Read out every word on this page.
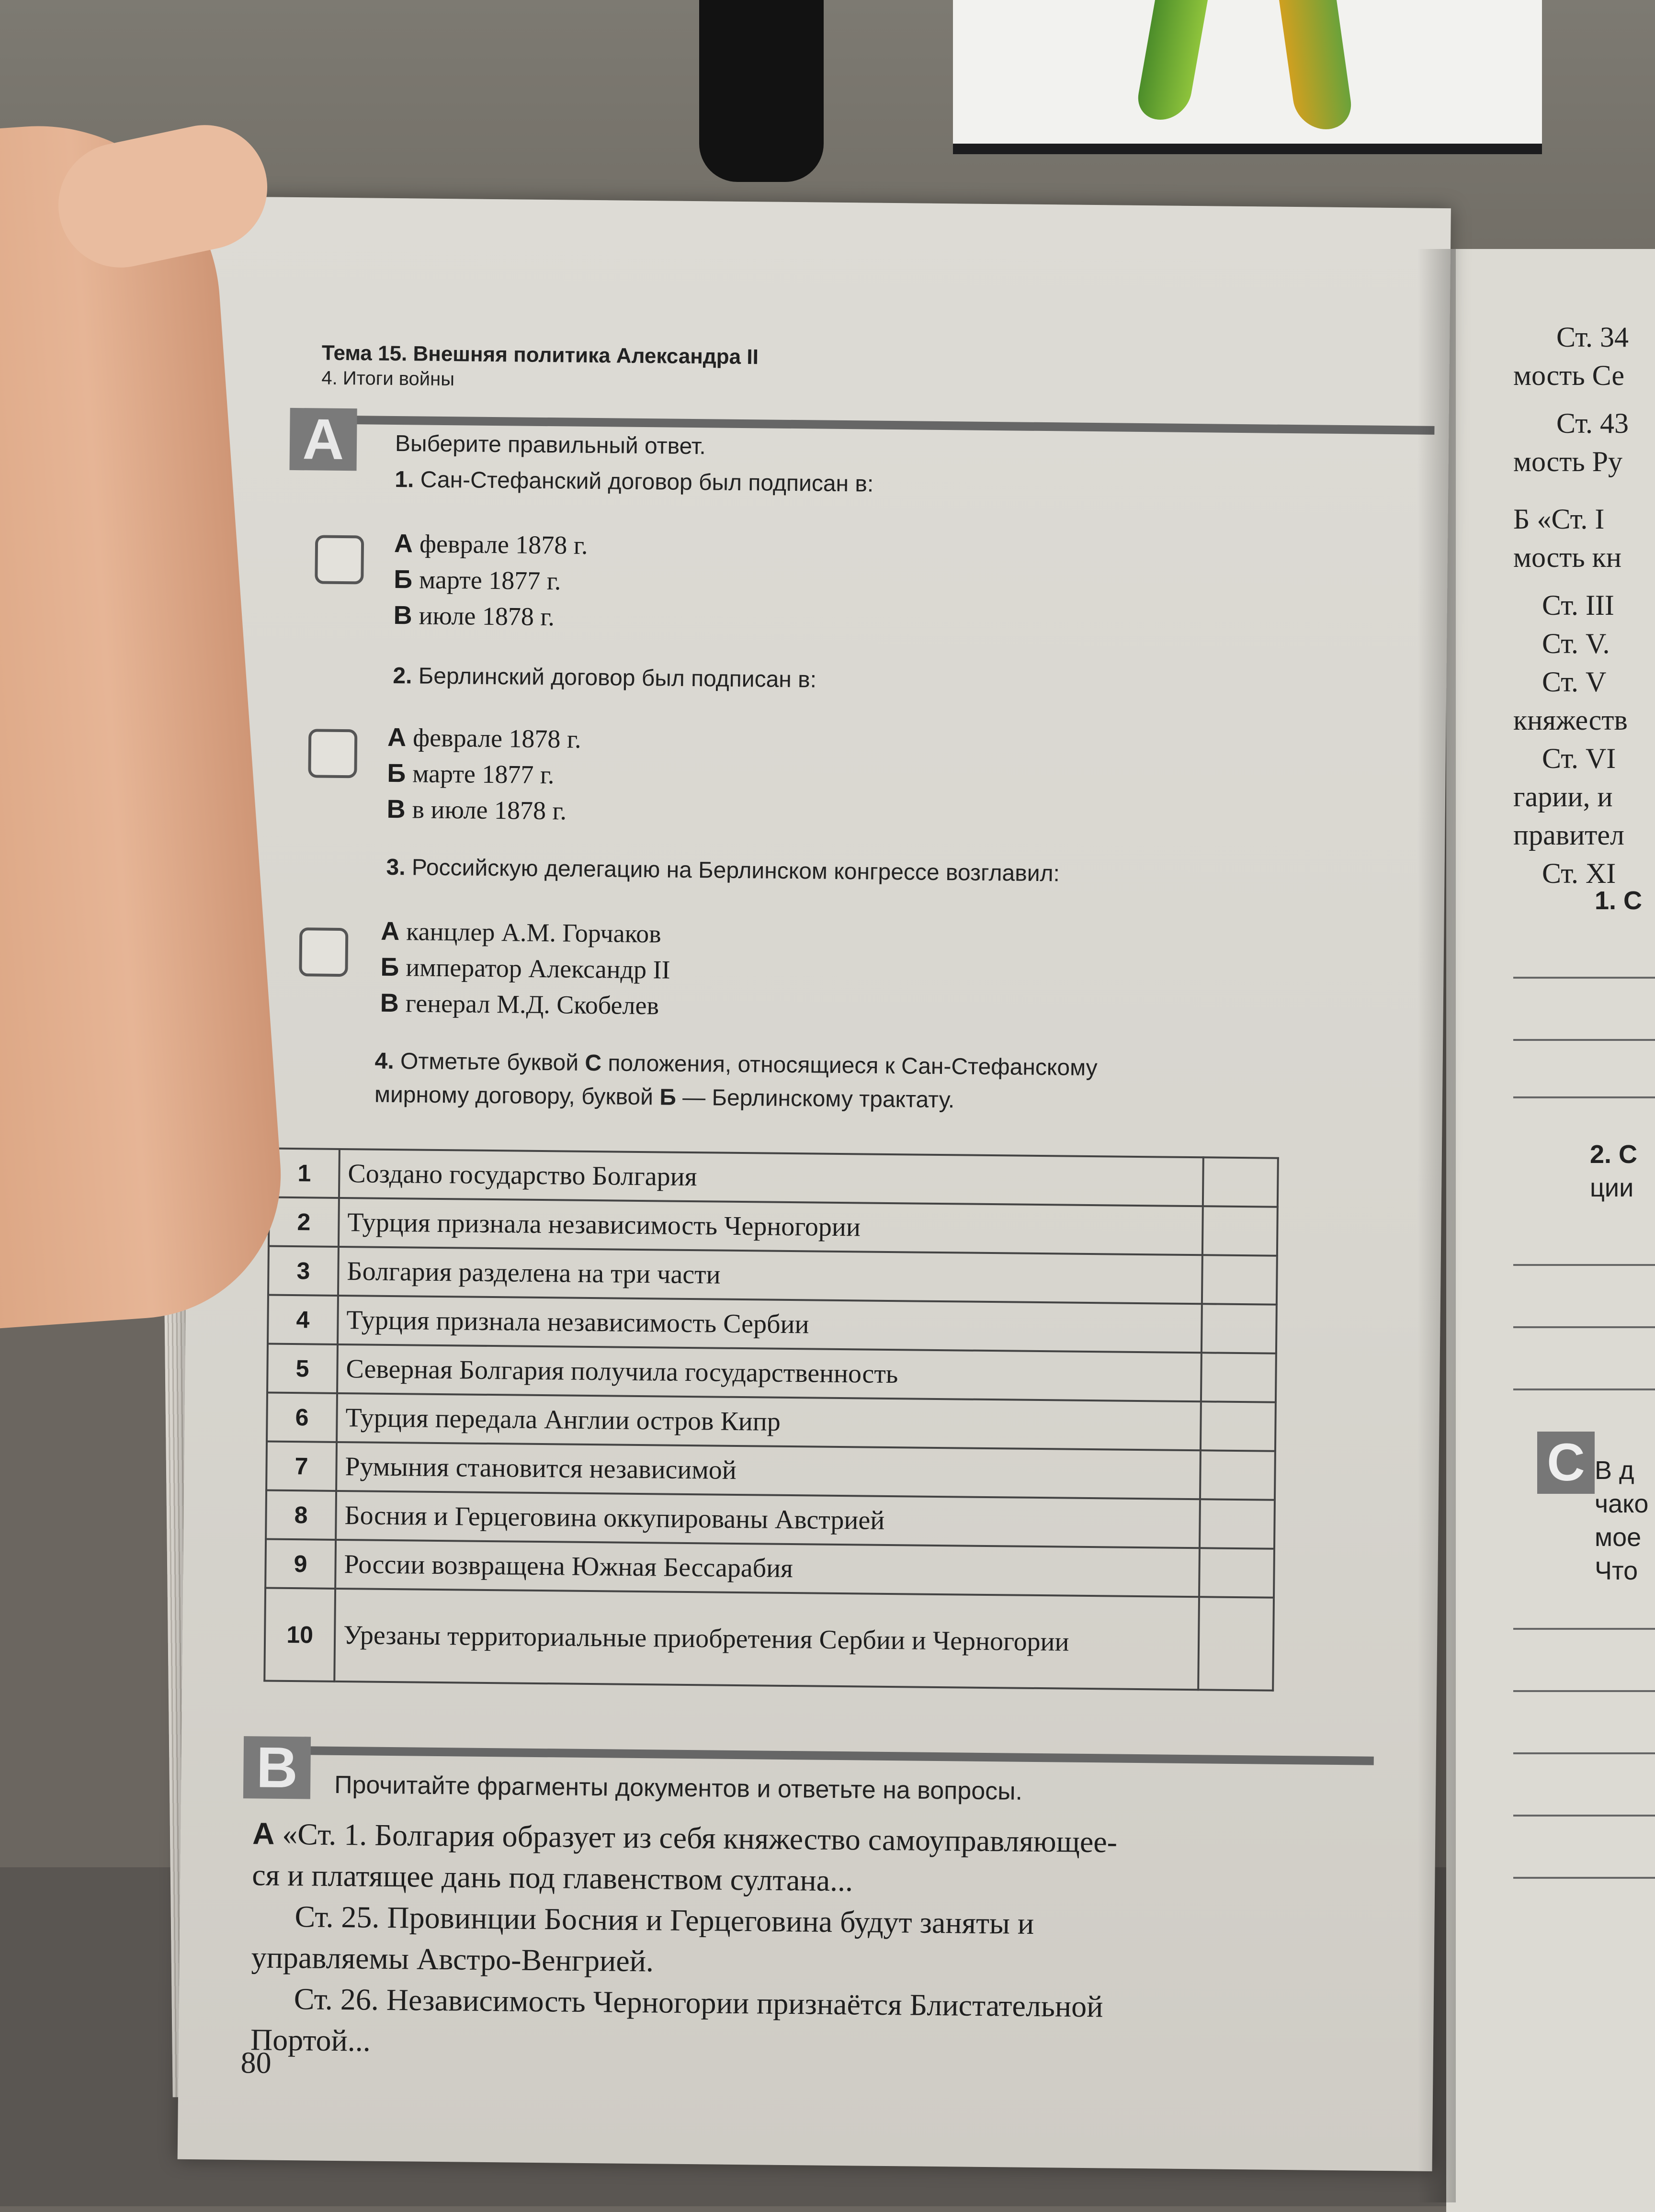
Ст. 34
мость Се
Ст. 43
мость Ру
Б «Ст. І
мость кн
Ст. III
Ст. V.
Ст. V
княжеств
Ст. VI
гарии, и
правител
Ст. XI
1. С
2. С
ции
В д
чако
мое
Что
C
Тема 15. Внешняя политика Александра II
4. Итоги войны
A	Выберите правильный ответ.
1. Сан-Стефанский договор был подписан в:
А феврале 1878 г.
Б марте 1877 г.
В июле 1878 г.
2. Берлинский договор был подписан в:
А феврале 1878 г.
Б марте 1877 г.
В в июле 1878 г.
3. Российскую делегацию на Берлинском конгрессе возглавил:
А канцлер А.М. Горчаков
Б император Александр II
В генерал М.Д. Скобелев
4. Отметьте буквой С положения, относящиеся к Сан-Стефанскому
мирному договору, буквой Б — Берлинскому трактату.
1	Создано государство Болгария	
2	Турция признала независимость Черногории	
3	Болгария разделена на три части	
4	Турция признала независимость Сербии	
5	Северная Болгария получила государственность	
6	Турция передала Англии остров Кипр	
7	Румыния становится независимой	
8	Босния и Герцеговина оккупированы Австрией	
9	России возвращена Южная Бессарабия	
10	Урезаны территориальные приобретения Сербии и Черногории	
B	Прочитайте фрагменты документов и ответьте на вопросы.
А «Ст. 1. Болгария образует из себя княжество самоуправляющее-
ся и платящее дань под главенством султана...
Ст. 25. Провинции Босния и Герцеговина будут заняты и
управляемы Австро-Венгрией.
Ст. 26. Независимость Черногории признаётся Блистательной
Портой...
80
